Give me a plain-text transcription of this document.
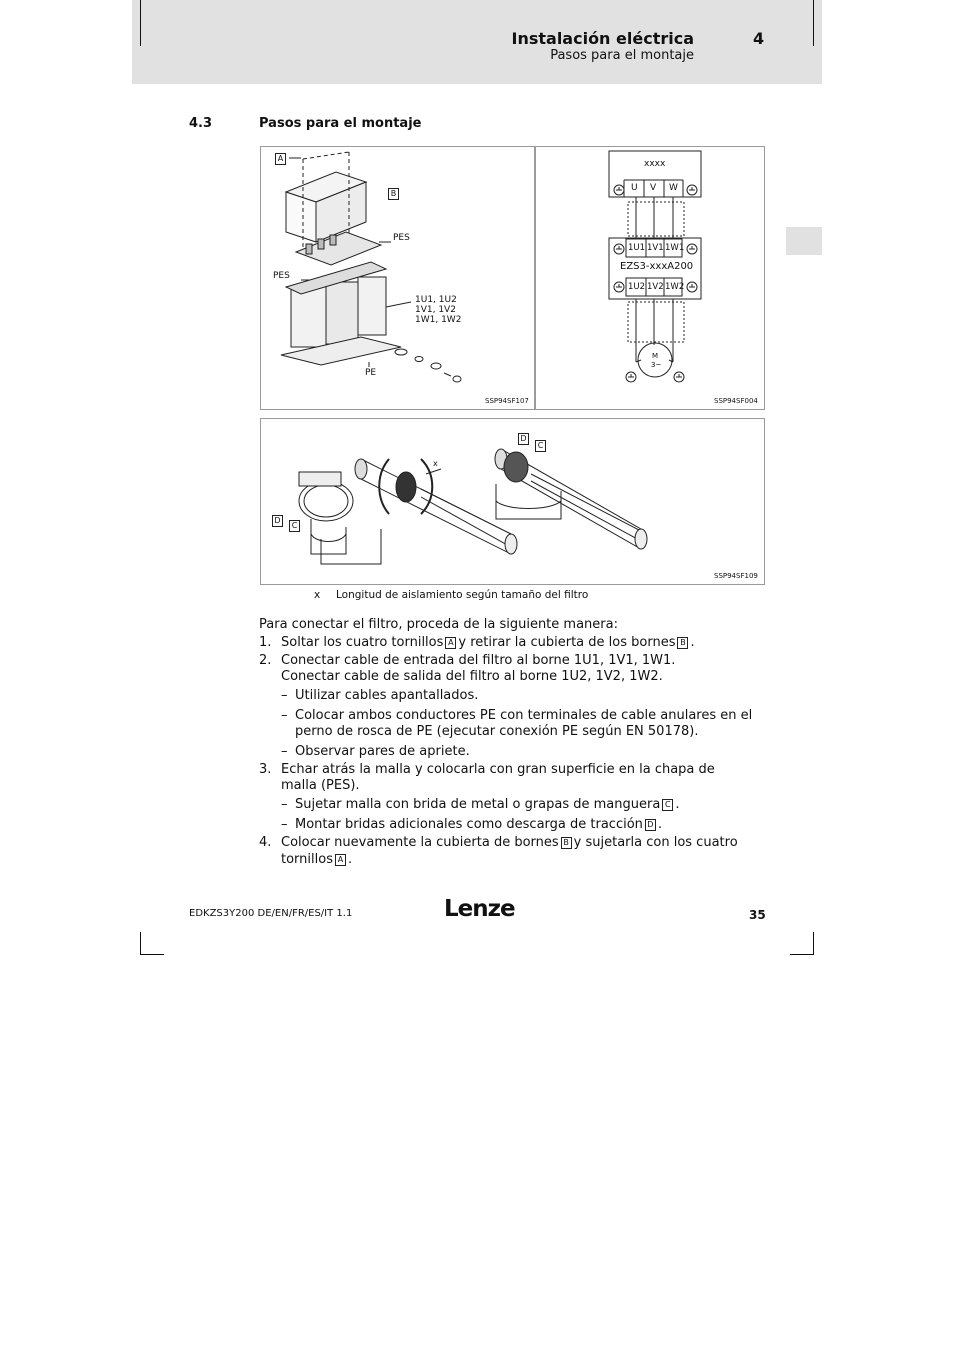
Instalación eléctrica	4
Pasos para el montaje
4.3	Pasos para el montaje
A
B
PES
PES
1U1, 1U2
1V1, 1V2
1W1, 1W2
PE
SSP94SF107
xxxx
U V W
1U1 1V1 1W1
EZS3-xxxA200
1U2 1V2 1W2
M
3~
SSP94SF004
D
C
D
C
x
SSP94SF109
x Longitud de aislamiento según tamaño del filtro
Para conectar el filtro, proceda de la siguiente manera:
1. Soltar los cuatro tornillos A y retirar la cubierta de los bornes B .
2. Conectar cable de entrada del filtro al borne 1U1, 1V1, 1W1.
Conectar cable de salida del filtro al borne 1U2, 1V2, 1W2.
– Utilizar cables apantallados.
– Colocar ambos conductores PE con terminales de cable anulares en el
perno de rosca de PE (ejecutar conexión PE según EN 50178).
– Observar pares de apriete.
3. Echar atrás la malla y colocarla con gran superficie en la chapa de
malla (PES).
– Sujetar malla con brida de metal o grapas de manguera C .
– Montar bridas adicionales como descarga de tracción D .
4. Colocar nuevamente la cubierta de bornes B y sujetarla con los cuatro
tornillos A .
EDKZS3Y200 DE/EN/FR/ES/IT 1.1	Lenze	35
